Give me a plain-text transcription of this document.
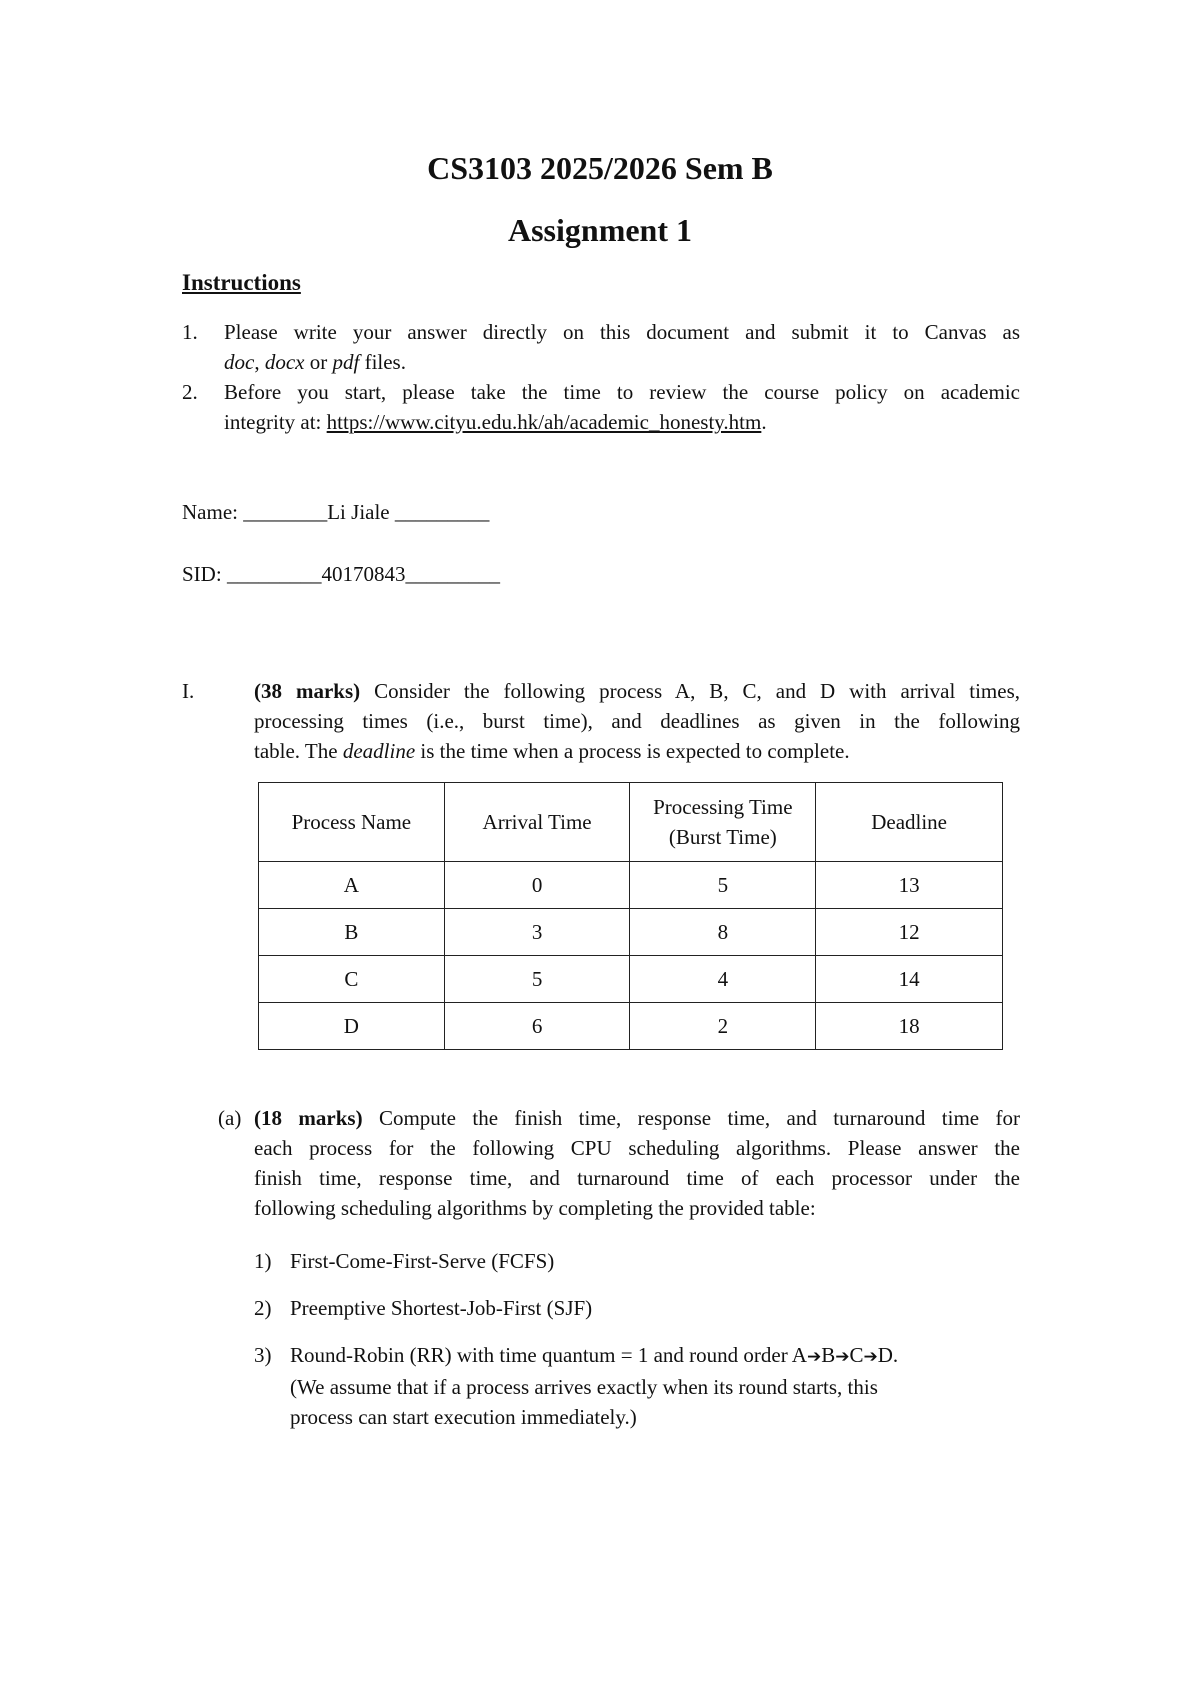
CS3103 2025/2026 Sem B
Assignment 1
Instructions
1. Please write your answer directly on this document and submit it to Canvas as
doc, docx or pdf files.
2. Before you start, please take the time to review the course policy on academic
integrity at: https://www.cityu.edu.hk/ah/academic_honesty.htm.
Name: ________Li Jiale _________
SID: _________40170843_________
I.	(38 marks) Consider the following process A, B, C, and D with arrival times,
processing times (i.e., burst time), and deadlines as given in the following
table. The deadline is the time when a process is expected to complete.
Process Name	Arrival Time	Processing Time
(Burst Time)	Deadline
A	0	5	13
B	3	8	12
C	5	4	14
D	6	2	18
(a) (18 marks) Compute the finish time, response time, and turnaround time for
each process for the following CPU scheduling algorithms. Please answer the
finish time, response time, and turnaround time of each processor under the
following scheduling algorithms by completing the provided table:
1) First-Come-First-Serve (FCFS)
2) Preemptive Shortest-Job-First (SJF)
3) Round-Robin (RR) with time quantum = 1 and round order A➔B➔C➔D.
(We assume that if a process arrives exactly when its round starts, this
process can start execution immediately.)
